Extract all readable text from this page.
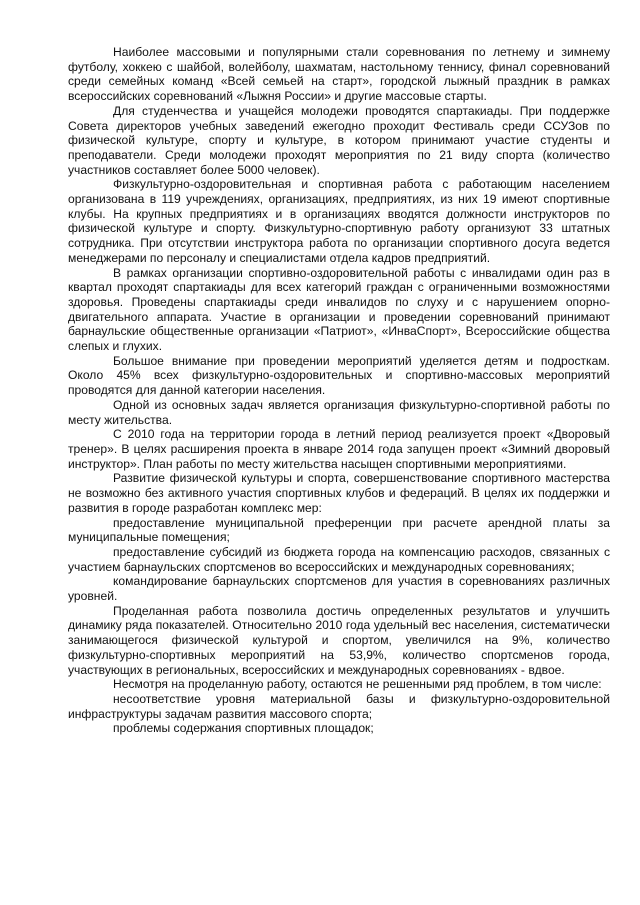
Наиболее массовыми и популярными стали соревнования по летнему и зимнему футболу, хоккею с шайбой, волейболу, шахматам, настольному теннису, финал соревнований среди семейных команд «Всей семьей на старт», городской лыжный праздник в рамках всероссийских соревнований «Лыжня России» и другие массовые старты.

Для студенчества и учащейся молодежи проводятся спартакиады. При поддержке Совета директоров учебных заведений ежегодно проходит Фестиваль среди ССУЗов по физической культуре, спорту и культуре, в котором принимают участие студенты и преподаватели. Среди молодежи проходят мероприятия по 21 виду спорта (количество участников составляет более 5000 человек).

Физкультурно-оздоровительная и спортивная работа с работающим населением организована в 119 учреждениях, организациях, предприятиях, из них 19 имеют спортивные клубы. На крупных предприятиях и в организациях вводятся должности инструкторов по физической культуре и спорту. Физкультурно-спортивную работу организуют 33 штатных сотрудника. При отсутствии инструктора работа по организации спортивного досуга ведется менеджерами по персоналу и специалистами отдела кадров предприятий.

В рамках организации спортивно-оздоровительной работы с инвалидами один раз в квартал проходят спартакиады для всех категорий граждан с ограниченными возможностями здоровья. Проведены спартакиады среди инвалидов по слуху и с нарушением опорно-двигательного аппарата. Участие в организации и проведении соревнований принимают барнаульские общественные организации «Патриот», «ИнваСпорт», Всероссийские общества слепых и глухих.

Большое внимание при проведении мероприятий уделяется детям и подросткам. Около 45% всех физкультурно-оздоровительных и спортивно-массовых мероприятий проводятся для данной категории населения.

Одной из основных задач является организация физкультурно-спортивной работы по месту жительства.

С 2010 года на территории города в летний период реализуется проект «Дворовый тренер». В целях расширения проекта в январе 2014 года запущен проект «Зимний дворовый инструктор». План работы по месту жительства насыщен спортивными мероприятиями.

Развитие физической культуры и спорта, совершенствование спортивного мастерства не возможно без активного участия спортивных клубов и федераций. В целях их поддержки и развития в городе разработан комплекс мер:

предоставление муниципальной преференции при расчете арендной платы за муниципальные помещения;

предоставление субсидий из бюджета города на компенсацию расходов, связанных с участием барнаульских спортсменов во всероссийских и международных соревнованиях;

командирование барнаульских спортсменов для участия в соревнованиях различных уровней.

Проделанная работа позволила достичь определенных результатов и улучшить динамику ряда показателей. Относительно 2010 года удельный вес населения, систематически занимающегося физической культурой и спортом, увеличился на 9%, количество физкультурно-спортивных мероприятий на 53,9%, количество спортсменов города, участвующих в региональных, всероссийских и международных соревнованиях - вдвое.

Несмотря на проделанную работу, остаются не решенными ряд проблем, в том числе:

несоответствие уровня материальной базы и физкультурно-оздоровительной инфраструктуры задачам развития массового спорта;

проблемы содержания спортивных площадок;
